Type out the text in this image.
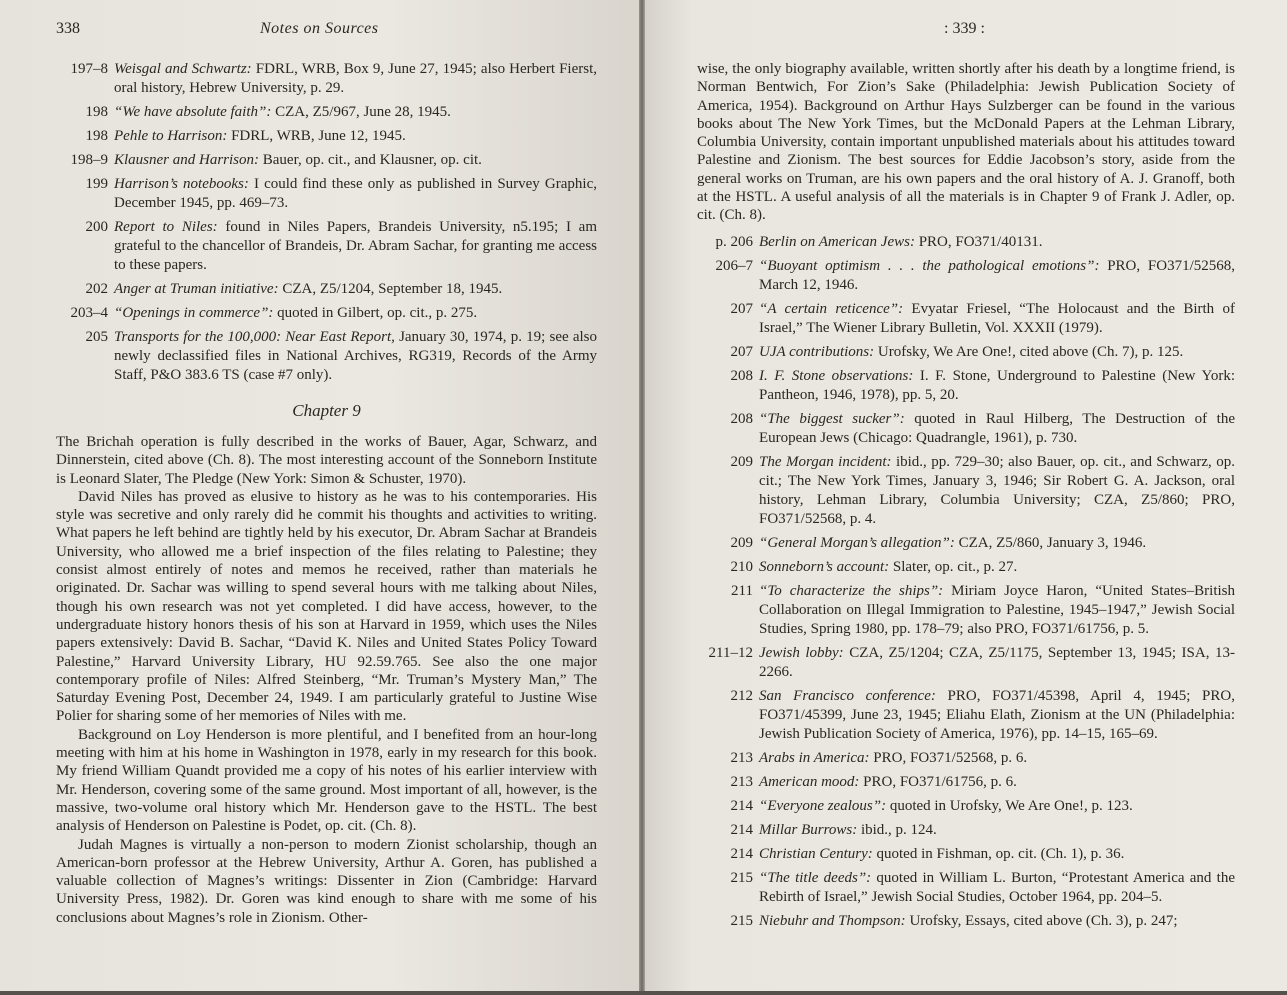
338	Notes on Sources
197–8 Weisgal and Schwartz: FDRL, WRB, Box 9, June 27, 1945; also Herbert Fierst, oral history, Hebrew University, p. 29.
198 “We have absolute faith”: CZA, Z5/967, June 28, 1945.
198 Pehle to Harrison: FDRL, WRB, June 12, 1945.
198–9 Klausner and Harrison: Bauer, op. cit., and Klausner, op. cit.
199 Harrison’s notebooks: I could find these only as published in Survey Graphic, December 1945, pp. 469–73.
200 Report to Niles: found in Niles Papers, Brandeis University, n5.195; I am grateful to the chancellor of Brandeis, Dr. Abram Sachar, for granting me access to these papers.
202 Anger at Truman initiative: CZA, Z5/1204, September 18, 1945.
203–4 “Openings in commerce”: quoted in Gilbert, op. cit., p. 275.
205 Transports for the 100,000: Near East Report, January 30, 1974, p. 19; see also newly declassified files in National Archives, RG319, Records of the Army Staff, P&O 383.6 TS (case #7 only).
Chapter 9

The Brichah operation is fully described in the works of Bauer, Agar, Schwarz, and Dinnerstein, cited above (Ch. 8). The most interesting account of the Sonneborn Institute is Leonard Slater, The Pledge (New York: Simon & Schuster, 1970).

David Niles has proved as elusive to history as he was to his contemporaries. His style was secretive and only rarely did he commit his thoughts and activities to writing. What papers he left behind are tightly held by his executor, Dr. Abram Sachar at Brandeis University, who allowed me a brief inspection of the files relating to Palestine; they consist almost entirely of notes and memos he received, rather than materials he originated. Dr. Sachar was willing to spend several hours with me talking about Niles, though his own research was not yet completed. I did have access, however, to the undergraduate history honors thesis of his son at Harvard in 1959, which uses the Niles papers extensively: David B. Sachar, “David K. Niles and United States Policy Toward Palestine,” Harvard University Library, HU 92.59.765. See also the one major contemporary profile of Niles: Alfred Steinberg, “Mr. Truman’s Mystery Man,” The Saturday Evening Post, December 24, 1949. I am particularly grateful to Justine Wise Polier for sharing some of her memories of Niles with me.

Background on Loy Henderson is more plentiful, and I benefited from an hour-long meeting with him at his home in Washington in 1978, early in my research for this book. My friend William Quandt provided me a copy of his notes of his earlier interview with Mr. Henderson, covering some of the same ground. Most important of all, however, is the massive, two-volume oral history which Mr. Henderson gave to the HSTL. The best analysis of Henderson on Palestine is Podet, op. cit. (Ch. 8).

Judah Magnes is virtually a non-person to modern Zionist scholarship, though an American-born professor at the Hebrew University, Arthur A. Goren, has published a valuable collection of Magnes’s writings: Dissenter in Zion (Cambridge: Harvard University Press, 1982). Dr. Goren was kind enough to share with me some of his conclusions about Magnes’s role in Zionism. Other-

: 339 :

wise, the only biography available, written shortly after his death by a longtime friend, is Norman Bentwich, For Zion’s Sake (Philadelphia: Jewish Publication Society of America, 1954). Background on Arthur Hays Sulzberger can be found in the various books about The New York Times, but the McDonald Papers at the Lehman Library, Columbia University, contain important unpublished materials about his attitudes toward Palestine and Zionism. The best sources for Eddie Jacobson’s story, aside from the general works on Truman, are his own papers and the oral history of A. J. Granoff, both at the HSTL. A useful analysis of all the materials is in Chapter 9 of Frank J. Adler, op. cit. (Ch. 8).

p. 206 Berlin on American Jews: PRO, FO371/40131.
206–7 “Buoyant optimism . . . the pathological emotions”: PRO, FO371/52568, March 12, 1946.
207 “A certain reticence”: Evyatar Friesel, “The Holocaust and the Birth of Israel,” The Wiener Library Bulletin, Vol. XXXII (1979).
207 UJA contributions: Urofsky, We Are One!, cited above (Ch. 7), p. 125.
208 I. F. Stone observations: I. F. Stone, Underground to Palestine (New York: Pantheon, 1946, 1978), pp. 5, 20.
208 “The biggest sucker”: quoted in Raul Hilberg, The Destruction of the European Jews (Chicago: Quadrangle, 1961), p. 730.
209 The Morgan incident: ibid., pp. 729–30; also Bauer, op. cit., and Schwarz, op. cit.; The New York Times, January 3, 1946; Sir Robert G. A. Jackson, oral history, Lehman Library, Columbia University; CZA, Z5/860; PRO, FO371/52568, p. 4.
209 “General Morgan’s allegation”: CZA, Z5/860, January 3, 1946.
210 Sonneborn’s account: Slater, op. cit., p. 27.
211 “To characterize the ships”: Miriam Joyce Haron, “United States–British Collaboration on Illegal Immigration to Palestine, 1945–1947,” Jewish Social Studies, Spring 1980, pp. 178–79; also PRO, FO371/61756, p. 5.
211–12 Jewish lobby: CZA, Z5/1204; CZA, Z5/1175, September 13, 1945; ISA, 13-2266.
212 San Francisco conference: PRO, FO371/45398, April 4, 1945; PRO, FO371/45399, June 23, 1945; Eliahu Elath, Zionism at the UN (Philadelphia: Jewish Publication Society of America, 1976), pp. 14–15, 165–69.
213 Arabs in America: PRO, FO371/52568, p. 6.
213 American mood: PRO, FO371/61756, p. 6.
214 “Everyone zealous”: quoted in Urofsky, We Are One!, p. 123.
214 Millar Burrows: ibid., p. 124.
214 Christian Century: quoted in Fishman, op. cit. (Ch. 1), p. 36.
215 “The title deeds”: quoted in William L. Burton, “Protestant America and the Rebirth of Israel,” Jewish Social Studies, October 1964, pp. 204–5.
215 Niebuhr and Thompson: Urofsky, Essays, cited above (Ch. 3), p. 247;
